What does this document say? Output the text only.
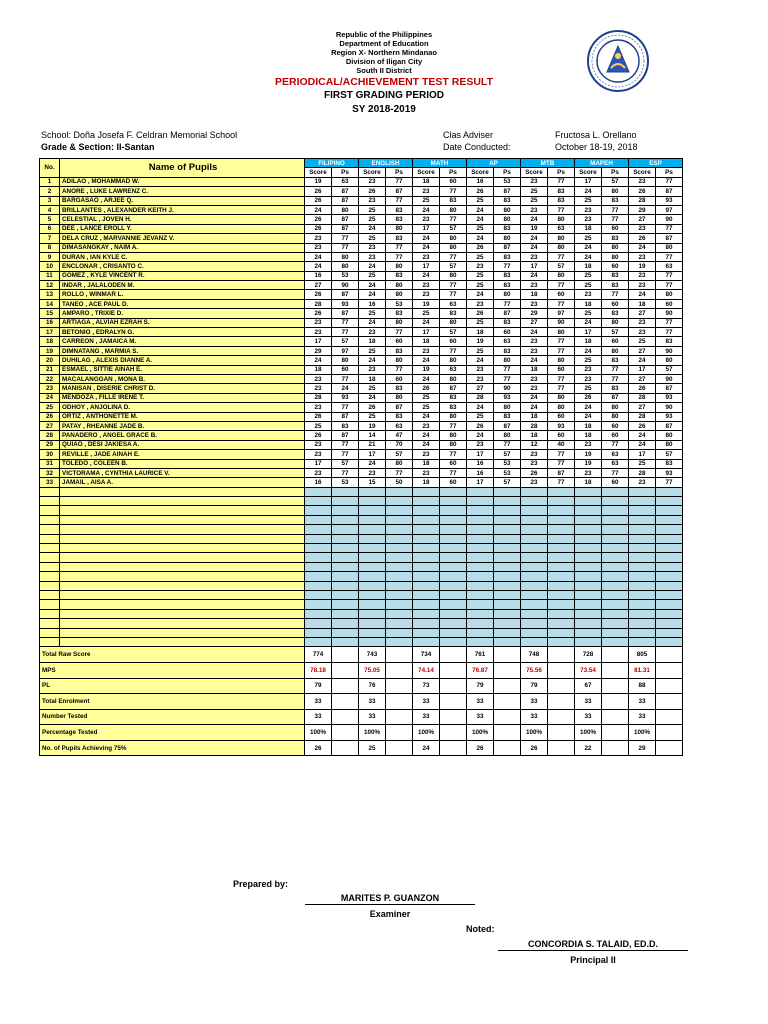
Republic of the Philippines
Department of Education
Region X- Northern Mindanao
Division of Iligan City
South II District
PERIODICAL/ACHIEVEMENT TEST RESULT
FIRST GRADING PERIOD
SY 2018-2019
School: Doña Josefa F. Celdran Memorial School
Grade & Section: II-Santan
Clas Adviser	Fructosa L. Orellano
Date Conducted:	October 18-19, 2018
No.	Name of Pupils	FILIPINO		ENGLISH		MATH		AP		MTB		MAPEH		ESP	
		Score	Ps	Score	Ps	Score	Ps	Score	Ps	Score	Ps	Score	Ps	Score	Ps
1	ADILAO , MOHAMMAD W.	19	63	23	77	18	60	16	53	23	77	17	57	23	77
2	ANORE , LUKE LAWRENZ C.	26	87	26	87	23	77	26	87	25	83	24	80	26	87
3	BARGASAO , ARJEE Q.	26	87	23	77	25	83	25	83	25	83	25	83	28	93
4	BRILLANTES , ALEXANDER KEITH J.	24	80	25	83	24	80	24	80	23	77	23	77	29	97
5	CELESTIAL , JOVEN H.	26	87	25	83	23	77	24	80	24	80	23	77	27	90
6	DEE , LANCE EROLL Y.	26	87	24	80	17	57	25	83	19	63	18	60	23	77
7	DELA CRUZ , MARVANNIE JEVANZ V.	23	77	25	83	24	80	24	80	24	80	25	83	26	87
8	DIMASANGKAY , NAIM A.	23	77	23	77	24	80	26	87	24	80	24	80	24	80
9	DURAN , IAN KYLE C.	24	80	23	77	23	77	25	83	23	77	24	80	23	77
10	ENCLONAR , CRISANTO C.	24	80	24	80	17	57	23	77	17	57	18	60	19	63
11	GOMEZ , KYLE VINCENT R.	16	53	25	83	24	80	25	83	24	80	25	83	23	77
12	INDAR , JALALODEN M.	27	90	24	80	23	77	25	83	23	77	25	83	23	77
13	ROLLO , WINMAR L.	26	87	24	80	23	77	24	80	18	60	23	77	24	80
14	TANEO , ACE PAUL D.	28	93	16	53	19	63	23	77	23	77	18	60	18	60
15	AMPARO , TRIXIE D.	26	87	25	83	25	83	26	87	29	97	25	83	27	90
16	ARTIAGA , ALVIAH EZRAH S.	23	77	24	80	24	80	25	83	27	90	24	80	23	77
17	BETONIO , EDRALYN G.	23	77	23	77	17	57	18	60	24	80	17	57	23	77
18	CARREON , JAMAICA M.	17	57	18	60	18	60	19	63	23	77	18	60	25	83
19	DIMNATANG , MARMIA S.	29	97	25	83	23	77	25	83	23	77	24	80	27	90
20	DUHILAG , ALEXIS DIANNE A.	24	80	24	80	24	80	24	80	24	80	25	83	24	80
21	ESMAEL , SITTIE AINAH E.	18	60	23	77	19	63	23	77	18	60	23	77	17	57
22	MACALANGGAN , MONA B.	23	77	18	60	24	80	23	77	23	77	23	77	27	90
23	MANISAN , DISERIE CHRIST D.	23	24	25	83	26	87	27	90	23	77	25	83	26	87
24	MENDOZA , FILLE IRENE T.	28	93	24	80	25	83	28	93	24	80	26	87	28	93
25	ODHOY , ANJOLINA D.	23	77	26	87	25	83	24	80	24	80	24	80	27	90
26	ORTIZ , ANTHONETTE M.	26	87	25	83	24	80	25	83	18	60	24	80	28	93
27	PATAY , RHEANNE JADE B.	25	83	19	63	23	77	26	87	28	93	18	60	26	87
28	PANADERO , ANGEL GRACE B.	26	87	14	47	24	80	24	80	18	60	18	60	24	80
29	QUIAO , DESI JAKIESA A.	23	77	21	70	24	80	23	77	12	40	23	77	24	80
30	REVILLE , JADE AINAH E.	23	77	17	57	23	77	17	57	23	77	19	63	17	57
31	TOLEDO , COLEEN B.	17	57	24	80	18	60	16	53	23	77	19	63	25	83
32	VICTORAMA , CYNTHIA LAURICE V.	23	77	23	77	23	77	16	53	26	87	23	77	28	93
33	JAMAIL , AISA A.	16	53	15	50	18	60	17	57	23	77	18	60	23	77

Total Raw Score		774		743		734		761		748		728		805	
MPS		78.18		75.05		74.14		76.87		75.56		73.54		81.31	
PL		79		76		73		79		79		67		88	
Total Enrolment		33		33		33		33		33		33		33	
Number Tested		33		33		33		33		33		33		33	
Percentage Tested		100%		100%		100%		100%		100%		100%		100%	
No. of Pupils Achieving 75%		26		25		24		26		26		22		29	
Prepared by:
MARITES P. GUANZON
Examiner
Noted:
CONCORDIA S. TALAID, ED.D.
Principal II
